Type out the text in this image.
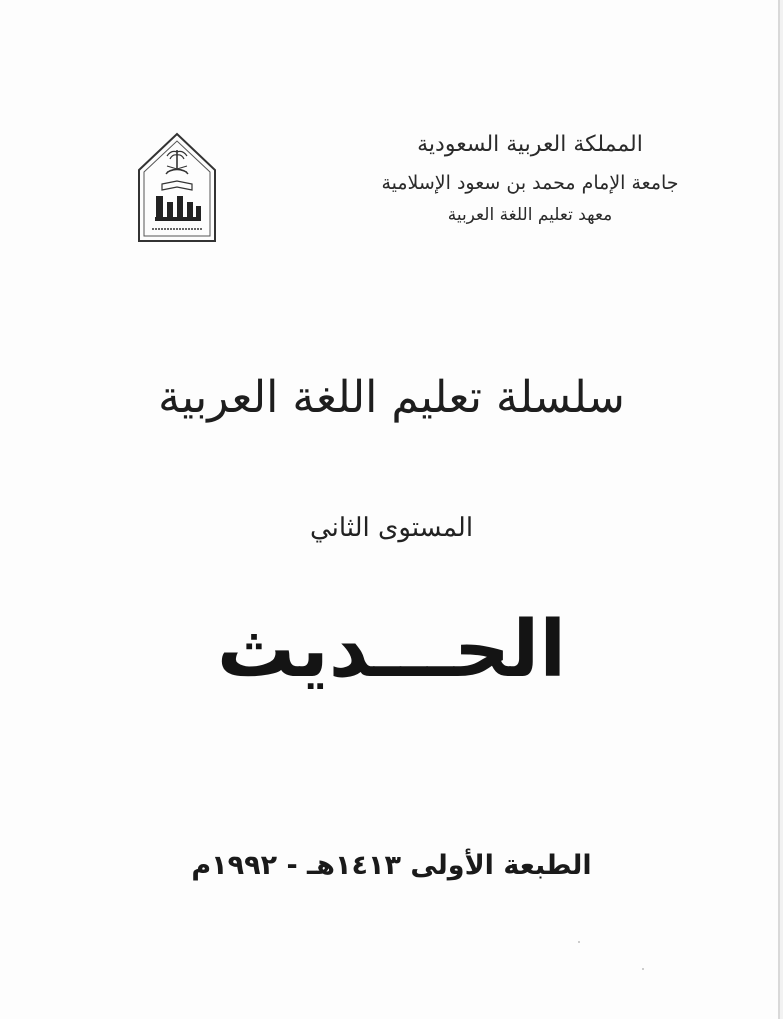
المملكة العربية السعودية
جامعة الإمام محمد بن سعود الإسلامية
معهد تعليم اللغة العربية
سلسلة تعليم اللغة العربية
المستوى الثاني
الحـــديث
الطبعة الأولى ١٤١٣هـ - ١٩٩٢م
